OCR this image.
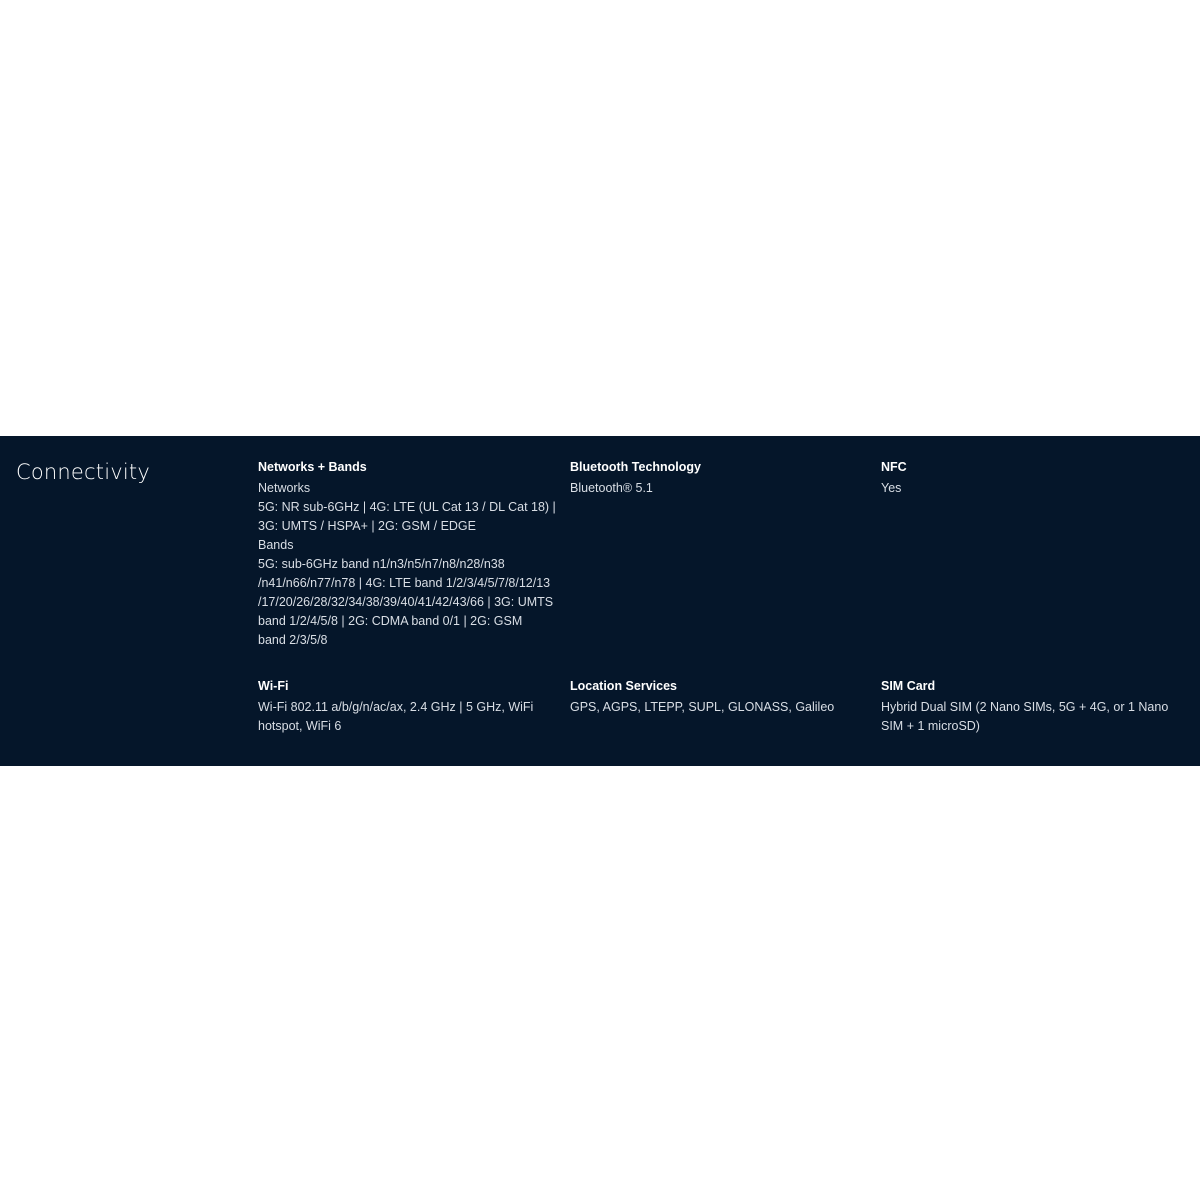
Connectivity	Networks + Bands
Networks
5G: NR sub-6GHz | 4G: LTE (UL Cat 13 / DL Cat 18) |
3G: UMTS / HSPA+ | 2G: GSM / EDGE
Bands
5G: sub-6GHz band n1/n3/n5/n7/n8/n28/n38
/n41/n66/n77/n78 | 4G: LTE band 1/2/3/4/5/7/8/12/13
/17/20/26/28/32/34/38/39/40/41/42/43/66 | 3G: UMTS
band 1/2/4/5/8 | 2G: CDMA band 0/1 | 2G: GSM
band 2/3/5/8
Bluetooth Technology
Bluetooth® 5.1
NFC
Yes
Wi-Fi
Wi-Fi 802.11 a/b/g/n/ac/ax, 2.4 GHz | 5 GHz, WiFi
hotspot, WiFi 6
Location Services
GPS, AGPS, LTEPP, SUPL, GLONASS, Galileo
SIM Card
Hybrid Dual SIM (2 Nano SIMs, 5G + 4G, or 1 Nano
SIM + 1 microSD)
